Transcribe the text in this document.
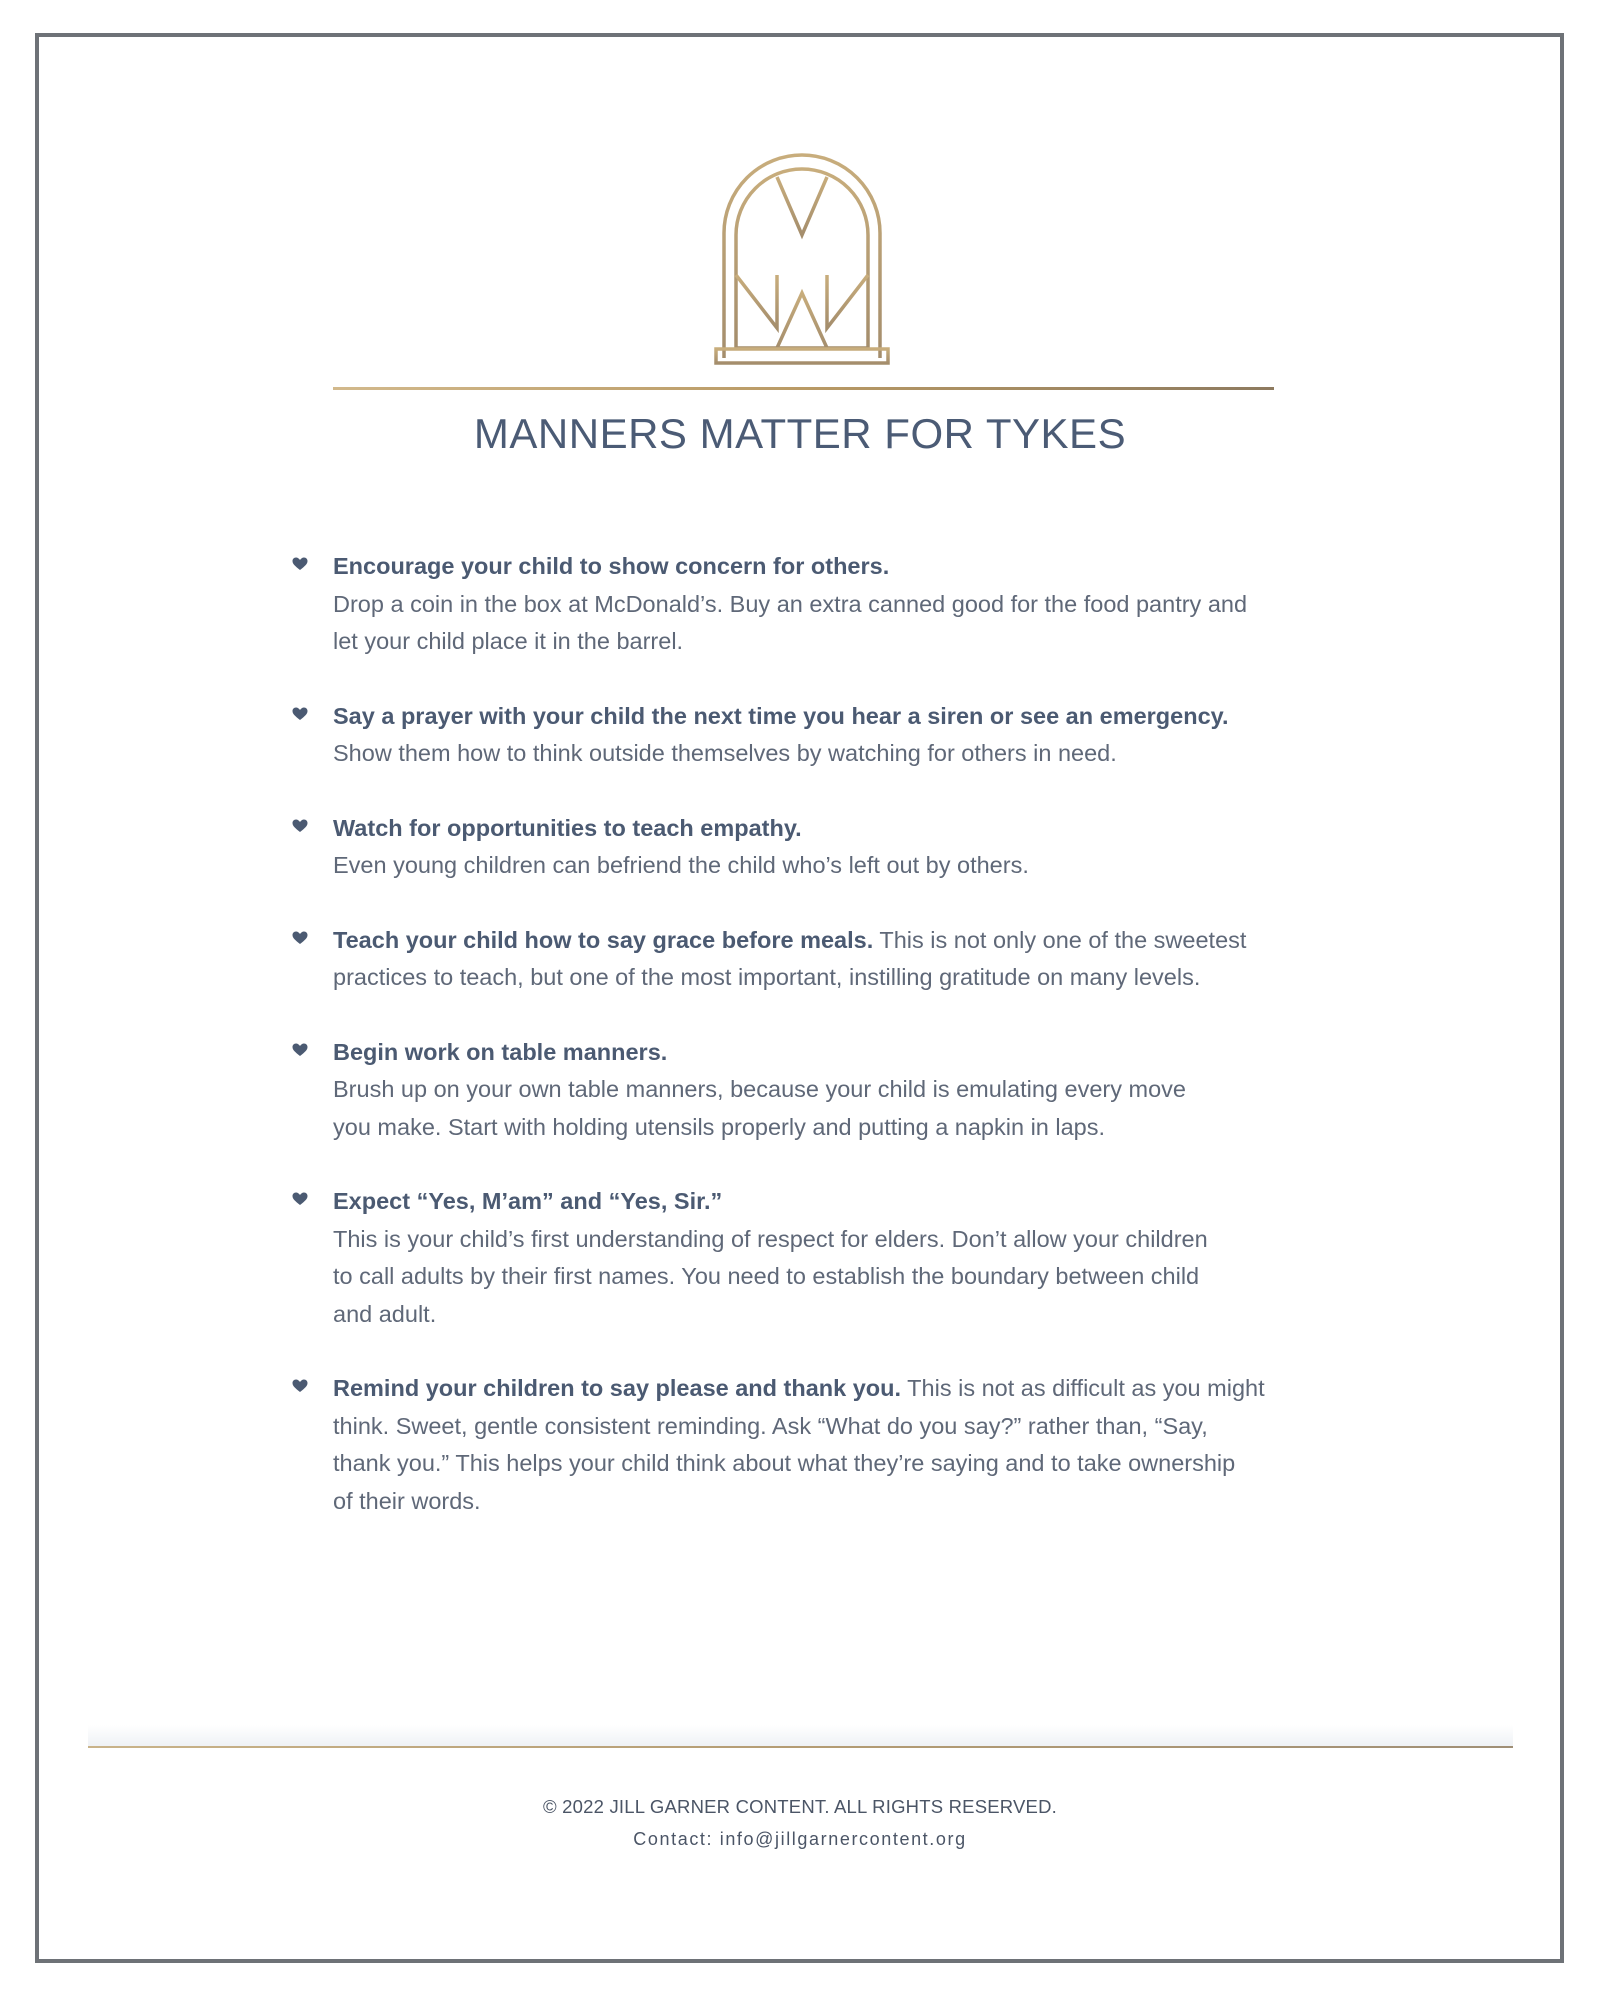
MANNERS MATTER FOR TYKES
Encourage your child to show concern for others.
Drop a coin in the box at McDonald’s. Buy an extra canned good for the food pantry and
let your child place it in the barrel.
Say a prayer with your child the next time you hear a siren or see an emergency.
Show them how to think outside themselves by watching for others in need.
Watch for opportunities to teach empathy.
Even young children can befriend the child who’s left out by others.
Teach your child how to say grace before meals. This is not only one of the sweetest
practices to teach, but one of the most important, instilling gratitude on many levels.
Begin work on table manners.
Brush up on your own table manners, because your child is emulating every move
you make. Start with holding utensils properly and putting a napkin in laps.
Expect “Yes, M’am” and “Yes, Sir.”
This is your child’s first understanding of respect for elders. Don’t allow your children
to call adults by their first names. You need to establish the boundary between child
and adult.
Remind your children to say please and thank you. This is not as difficult as you might
think. Sweet, gentle consistent reminding. Ask “What do you say?” rather than, “Say,
thank you.” This helps your child think about what they’re saying and to take ownership
of their words.
© 2022 JILL GARNER CONTENT. ALL RIGHTS RESERVED.
Contact: info@jillgarnercontent.org
